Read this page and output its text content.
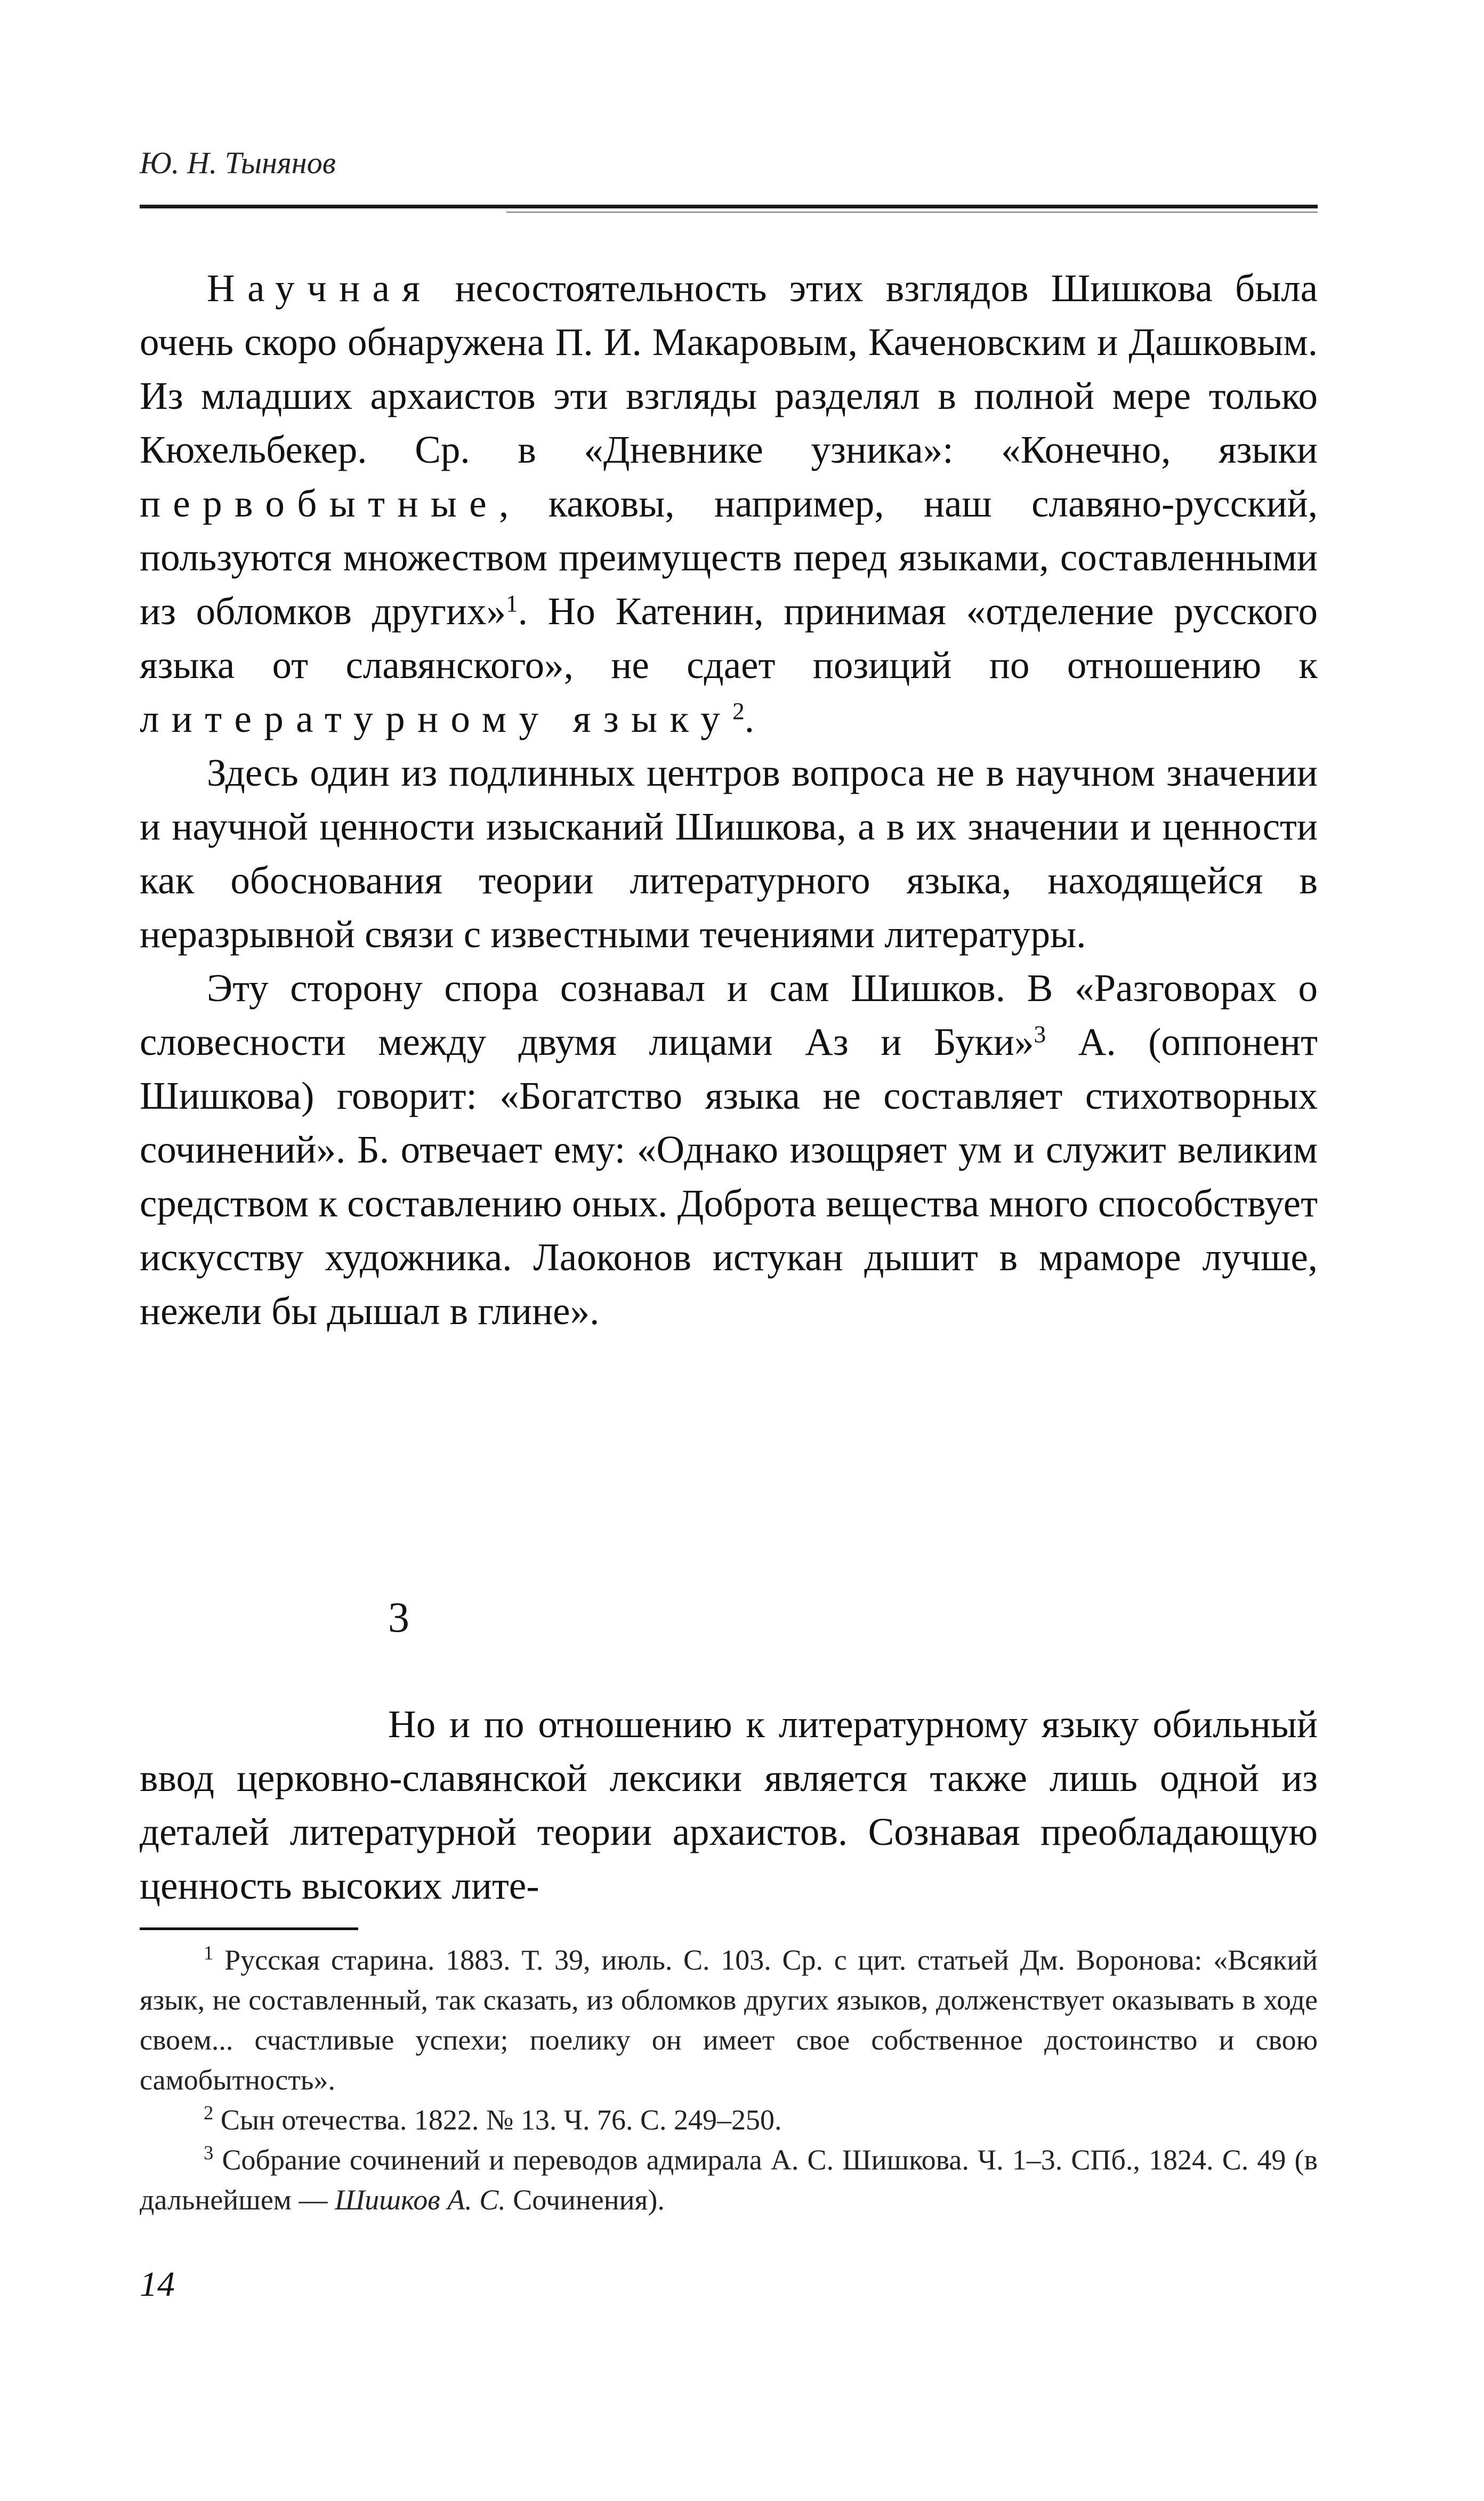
Ю. Н. Тынянов

Научная несостоятельность этих взглядов Шишкова была очень скоро обнаружена П. И. Макаровым, Каченовским и Дашковым. Из младших архаистов эти взгляды разделял в полной мере только Кюхельбекер. Ср. в «Дневнике узника»: «Конечно, языки первобытные, каковы, например, наш славяно-русский, пользуются множеством преимуществ перед языками, составленными из обломков других»$^1$. Но Катенин, принимая «отделение русского языка от славянского», не сдает позиций по отношению к литературному языку$^2$.

Здесь один из подлинных центров вопроса не в научном значении и научной ценности изысканий Шишкова, а в их значении и ценности как обоснования теории литературного языка, находящейся в неразрывной связи с известными течениями литературы.

Эту сторону спора сознавал и сам Шишков. В «Разговорах о словесности между двумя лицами Аз и Буки»$^3$ А. (оппонент Шишкова) говорит: «Богатство языка не составляет стихотворных сочинений». Б. отвечает ему: «Однако изощряет ум и служит великим средством к составлению оных. Доброта вещества много способствует искусству художника. Лаоконов истукан дышит в мраморе лучше, нежели бы дышал в глине».

3

Но и по отношению к литературному языку обильный ввод церковно-славянской лексики является также лишь одной из деталей литературной теории архаистов. Сознавая преобладающую ценность высоких лите-

$^1$ Русская старина. 1883. Т. 39, июль. С. 103. Ср. с цит. статьей Дм. Воронова: «Всякий язык, не составленный, так сказать, из обломков других языков, долженствует оказывать в ходе своем... счастливые успехи; поелику он имеет свое собственное достоинство и свою самобытность».

$^2$ Сын отечества. 1822. № 13. Ч. 76. С. 249–250.

$^3$ Собрание сочинений и переводов адмирала А. С. Шишкова. Ч. 1–3. СПб., 1824. С. 49 (в дальнейшем — Шишков А. С. Сочинения).

14
